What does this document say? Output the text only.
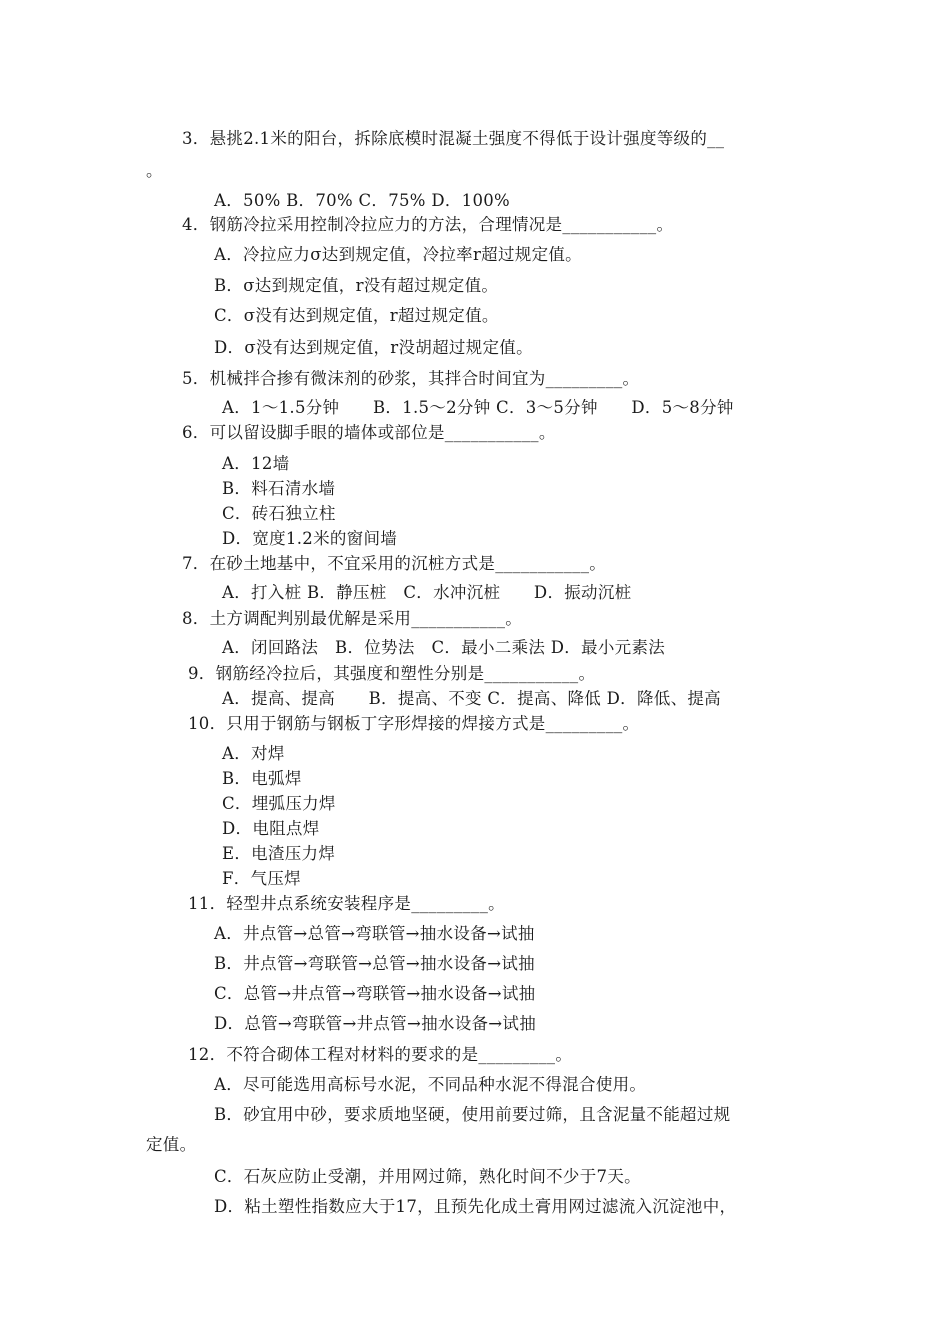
3．悬挑2.1米的阳台，拆除底模时混凝土强度不得低于设计强度等级的__
。
A．50% B．70% C．75% D．100%
4．钢筋冷拉采用控制冷拉应力的方法，合理情况是___________。
A．冷拉应力σ达到规定值，冷拉率r超过规定值。
B．σ达到规定值，r没有超过规定值。
C．σ没有达到规定值，r超过规定值。
D．σ没有达到规定值，r没胡超过规定值。
5．机械拌合掺有微沫剂的砂浆，其拌合时间宜为_________。
A．1～1.5分钟　　B．1.5～2分钟 C．3～5分钟　　D．5～8分钟
6．可以留设脚手眼的墙体或部位是___________。
A．12墙
B．料石清水墙
C．砖石独立柱
D．宽度1.2米的窗间墙
7．在砂土地基中，不宜采用的沉桩方式是___________。
A．打入桩 B．静压桩　C．水冲沉桩　　D．振动沉桩
8．土方调配判别最优解是采用___________。
A．闭回路法　B．位势法　C．最小二乘法 D．最小元素法
9．钢筋经冷拉后，其强度和塑性分别是___________。
A．提高、提高　　B．提高、不变 C．提高、降低 D．降低、提高
10．只用于钢筋与钢板丁字形焊接的焊接方式是_________。
A．对焊
B．电弧焊
C．埋弧压力焊
D．电阻点焊
E．电渣压力焊
F．气压焊
11．轻型井点系统安装程序是_________。
A．井点管→总管→弯联管→抽水设备→试抽
B．井点管→弯联管→总管→抽水设备→试抽
C．总管→井点管→弯联管→抽水设备→试抽
D．总管→弯联管→井点管→抽水设备→试抽
12．不符合砌体工程对材料的要求的是_________。
A．尽可能选用高标号水泥，不同品种水泥不得混合使用。
B．砂宜用中砂，要求质地坚硬，使用前要过筛，且含泥量不能超过规
定值。
C．石灰应防止受潮，并用网过筛，熟化时间不少于7天。
D．粘土塑性指数应大于17，且预先化成土膏用网过滤流入沉淀池中，
